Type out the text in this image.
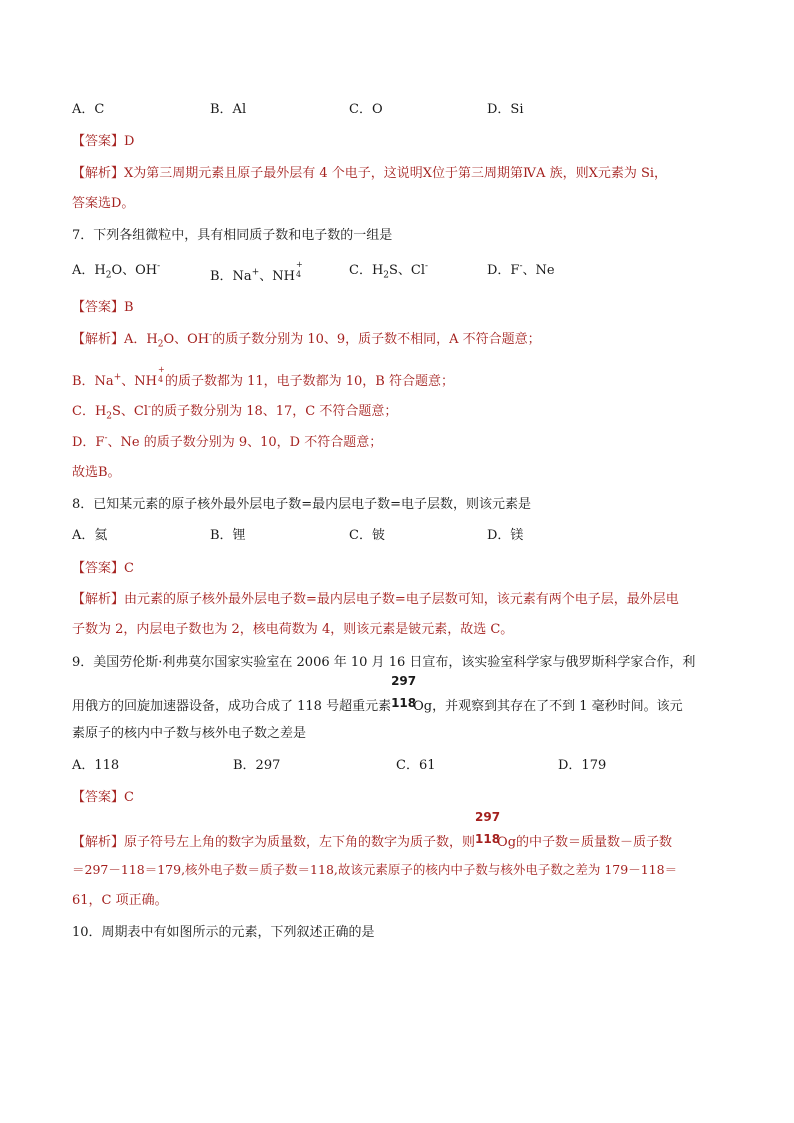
A．C	B．Al	C．O	D．Si
【答案】D
【解析】X为第三周期元素且原子最外层有 4 个电子，这说明X位于第三周期第ⅣA 族，则X元素为 Si，
答案选D。
7．下列各组微粒中，具有相同质子数和电子数的一组是
A．$H_2O$、OH-
B．Na+、NH
+
4	C．$H_2S$、Cl-	D．F-、Ne
【答案】B
【解析】A．$H_2O$、OH-的质子数分别为 10、9，质子数不相同，A 不符合题意；
B．Na+、NH
+
4 的质子数都为 11，电子数都为 10，B 符合题意；
C．$H_2S$、Cl-的质子数分别为 18、17，C 不符合题意；
D．F-、Ne 的质子数分别为 9、10，D 不符合题意；
故选B。
8．已知某元素的原子核外最外层电子数=最内层电子数=电子层数，则该元素是
A．氦	B．锂	C．铍	D．镁
【答案】C
【解析】由元素的原子核外最外层电子数=最内层电子数=电子层数可知，该元素有两个电子层，最外层电
子数为 2，内层电子数也为 2，核电荷数为 4，则该元素是铍元素，故选 C。
9．美国劳伦斯·利弗莫尔国家实验室在 2006 年 10 月 16 日宣布，该实验室科学家与俄罗斯科学家合作，利
用俄方的回旋加速器设备，成功合成了 118 号超重元素
297
118
Og，并观察到其存在了不到 1 毫秒时间。该元
素原子的核内中子数与核外电子数之差是
A．118	B．297	C．61	D．179
【答案】C
【解析】原子符号左上角的数字为质量数，左下角的数字为质子数，则
297
118
Og的中子数＝质量数－质子数
＝297－118＝179,核外电子数＝质子数＝118,故该元素原子的核内中子数与核外电子数之差为 179－118＝
61，C 项正确。
10．周期表中有如图所示的元素，下列叙述正确的是
